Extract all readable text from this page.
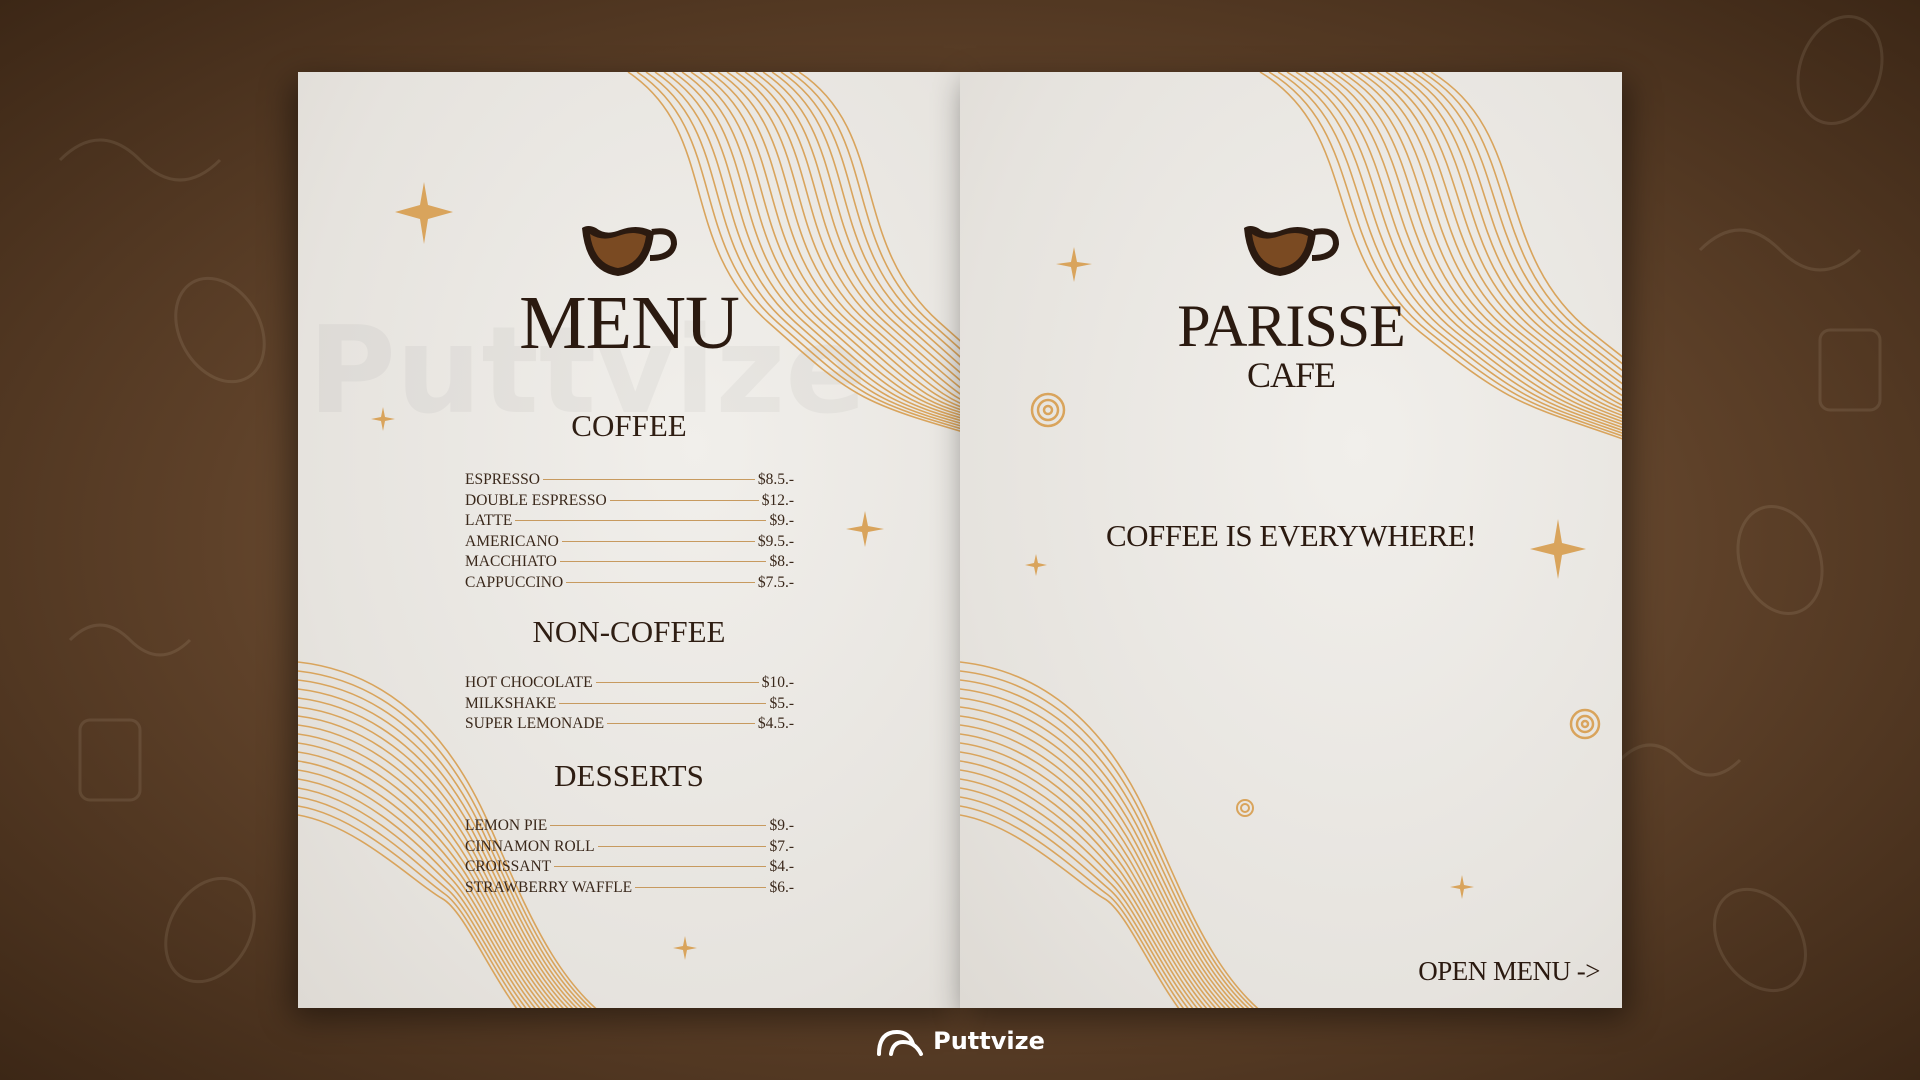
MENU
COFFEE
ESPRESSO	$8.5.-
DOUBLE ESPRESSO	$12.-
LATTE	$9.-
AMERICANO	$9.5.-
MACCHIATO	$8.-
CAPPUCCINO	$7.5.-
NON-COFFEE
HOT CHOCOLATE	$10.-
MILKSHAKE	$5.-
SUPER LEMONADE	$4.5.-
DESSERTS
LEMON PIE	$9.-
CINNAMON ROLL	$7.-
CROISSANT	$4.-
STRAWBERRY WAFFLE	$6.-
PARISSE
CAFE
COFFEE IS EVERYWHERE!
OPEN MENU ->
Puttvize
